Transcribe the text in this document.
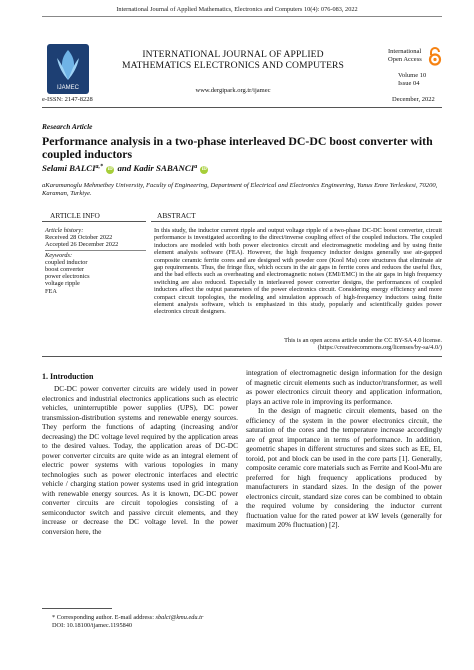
International Journal of Applied Mathematics, Electronics and Computers 10(4): 076-083, 2022
IJAMEC
e-ISSN: 2147-8228
INTERNATIONAL JOURNAL OF APPLIED MATHEMATICS ELECTRONICS AND COMPUTERS
www.dergipark.org.tr/ijamec
International
Open Access
Volume 10
Issue 04
December, 2022
Research Article
Performance analysis in a two-phase interleaved DC-DC boost converter with coupled inductors
Selami $BALCI^{a,*}$ iD and Kadir SABANCI$^a$ iD
aKaramanoglu Mehmetbey University, Faculty of Engineering, Department of Electrical and Electronics Engineering, Yunus Emre Yerleskesi, 70200, Karaman, Turkiye.
ARTICLE INFO	ABSTRACT
Article history:
Received 28 October 2022
Accepted 26 December 2022
Keywords:
coupled inductor
boost converter
power electronics
voltage ripple
FEA
In this study, the inductor current ripple and output voltage ripple of a two-phase DC-DC boost converter, circuit performance is investigated according to the direct/inverse coupling effect of the coupled inductors. The coupled inductors are modeled with both power electronics circuit and electromagnetic modeling and by using finite element analysis software (FEA). However, the high frequency inductor designs generally use air-gapped composite ceramic ferrite cores and are designed with powder core (Kool Mu) core structures that eliminate air gap requirements. Thus, the fringe flux, which occurs in the air gaps in ferrite cores and reduces the useful flux, and the bad effects such as overheating and electromagnetic noises (EMI/EMC) in the air gaps in high frequency switching are also reduced. Especially in interleaved power converter designs, the performances of coupled inductors affect the output parameters of the power electronics circuit. Considering energy efficiency and more compact circuit topologies, the modeling and simulation approach of high-frequency inductors using finite element analysis software, which is emphasized in this study, popularly and scientifically guides power electronics circuit designers.
This is an open access article under the CC BY-SA 4.0 license.
(https://creativecommons.org/licenses/by-sa/4.0/)
1. Introduction

DC-DC power converter circuits are widely used in power electronics and industrial electronics applications such as electric vehicles, uninterruptible power supplies (UPS), DC power transmission-distribution systems and renewable energy sources. They perform the functions of adapting (increasing and/or decreasing) the DC voltage level required by the application areas to the desired values. Today, the application areas of DC-DC power converter circuits are quite wide as an integral element of electric power systems with various topologies in many technologies such as power electronic interfaces and electric vehicle / charging station power systems used in grid integration with renewable energy sources. As it is known, DC-DC power converter circuits are circuit topologies consisting of a semiconductor switch and passive circuit elements, and they increase or decrease the DC voltage level. In the power conversion here, the

integration of electromagnetic design information for the design of magnetic circuit elements such as inductor/transformer, as well as power electronics circuit theory and application information, plays an active role in improving its performance.

In the design of magnetic circuit elements, based on the efficiency of the system in the power electronics circuit, the saturation of the cores and the temperature increase accordingly are of great importance in terms of performance. In addition, geometric shapes in different structures and sizes such as EE, EI, toroid, pot and block can be used in the core parts [1]. Generally, composite ceramic core materials such as Ferrite and Kool-Mu are preferred for high frequency applications produced by manufacturers in standard sizes. In the design of the power electronics circuit, standard size cores can be combined to obtain the required volume by considering the inductor current fluctuation value for the rated power at kW levels (generally for maximum 20% fluctuation) [2].

* Corresponding author. E-mail address: sbalci@kmu.edu.tr
DOI: 10.18100/ijamec.1195840
